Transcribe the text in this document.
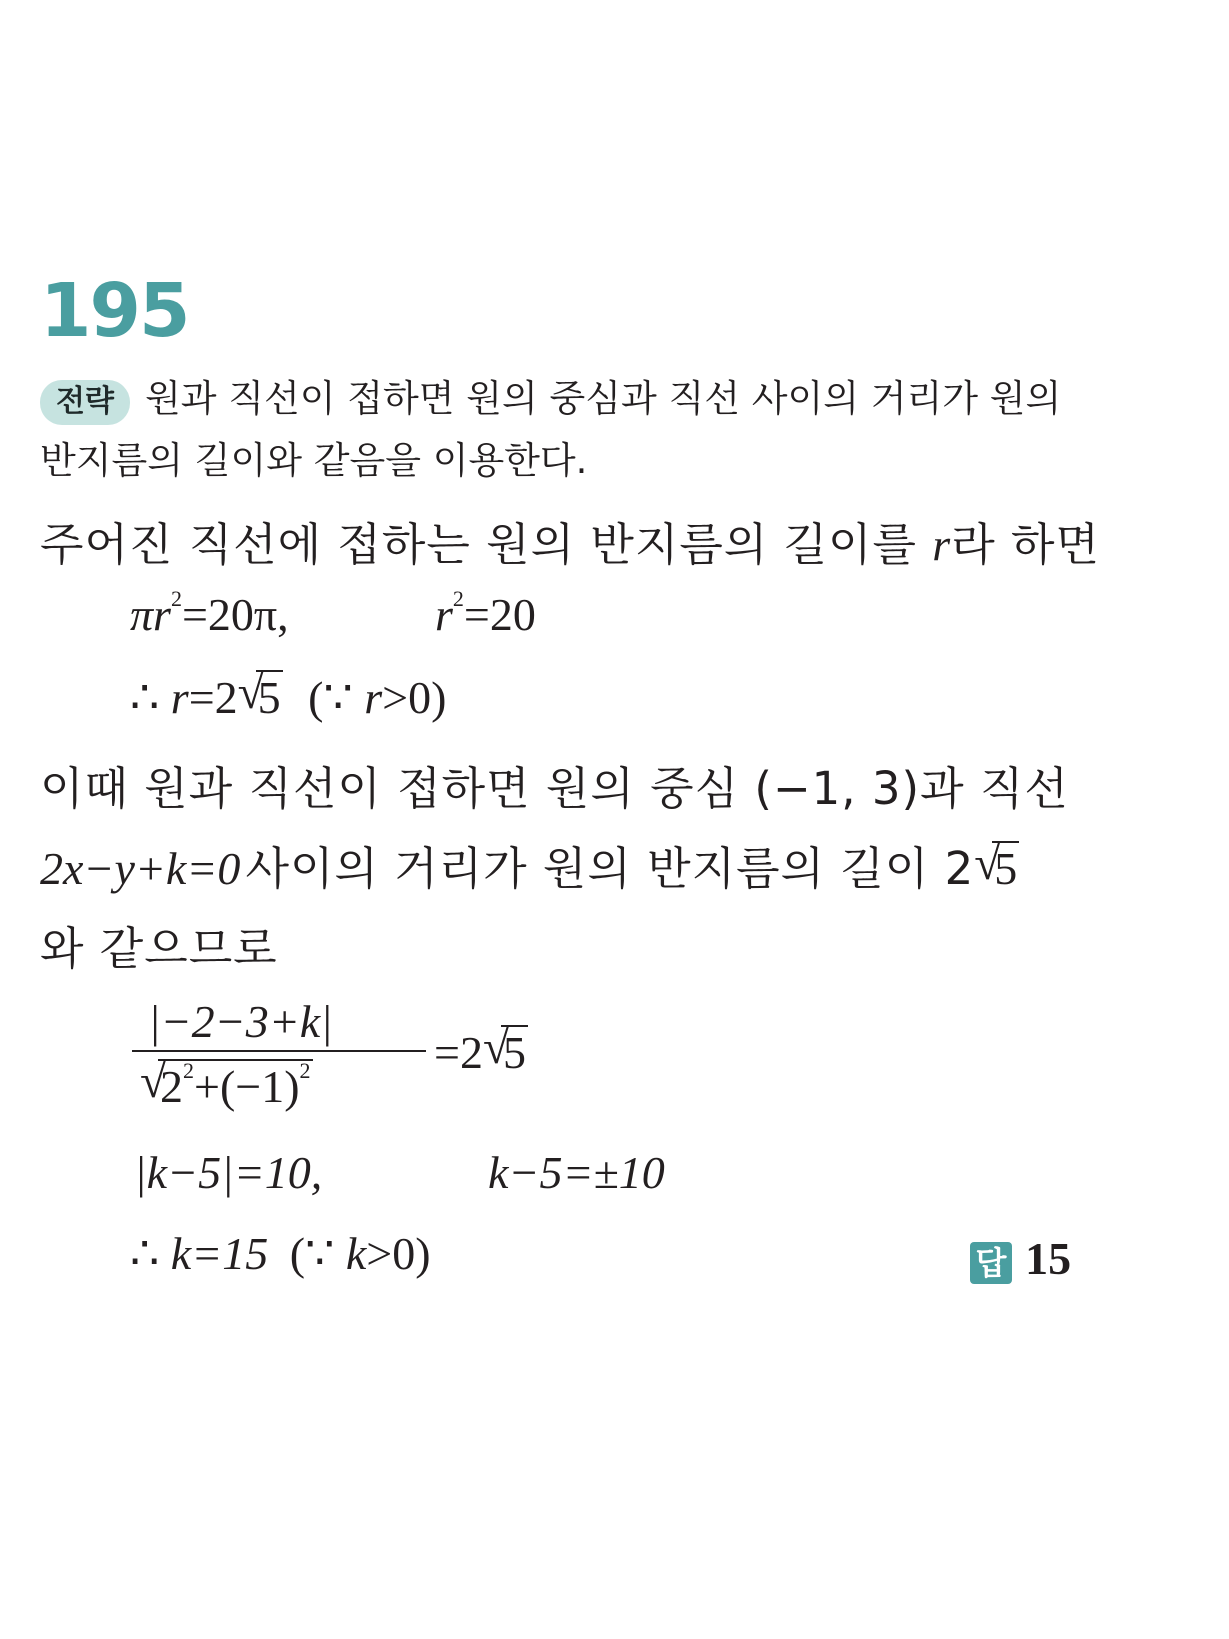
195
전략 원과 직선이 접하면 원의 중심과 직선 사이의 거리가 원의
반지름의 길이와 같음을 이용한다.
주어진 직선에 접하는 원의 반지름의 길이를 r라 하면
$\pi r^2=20\pi$,	$r^2=20$
∴ r=2 √
5 (∵ r>0)
이때 원과 직선이 접하면 원의 중심 (−1, 3)과 직선
2x−y+k=0 사이의 거리가 원의 반지름의 길이 2 √
5
와 같으므로
|−2−3+k|
√
$2^2+(-1)^2$	=2 √
5
|k−5|=10,	k−5=±10
∴ k=15 (∵ k>0)	답 15
